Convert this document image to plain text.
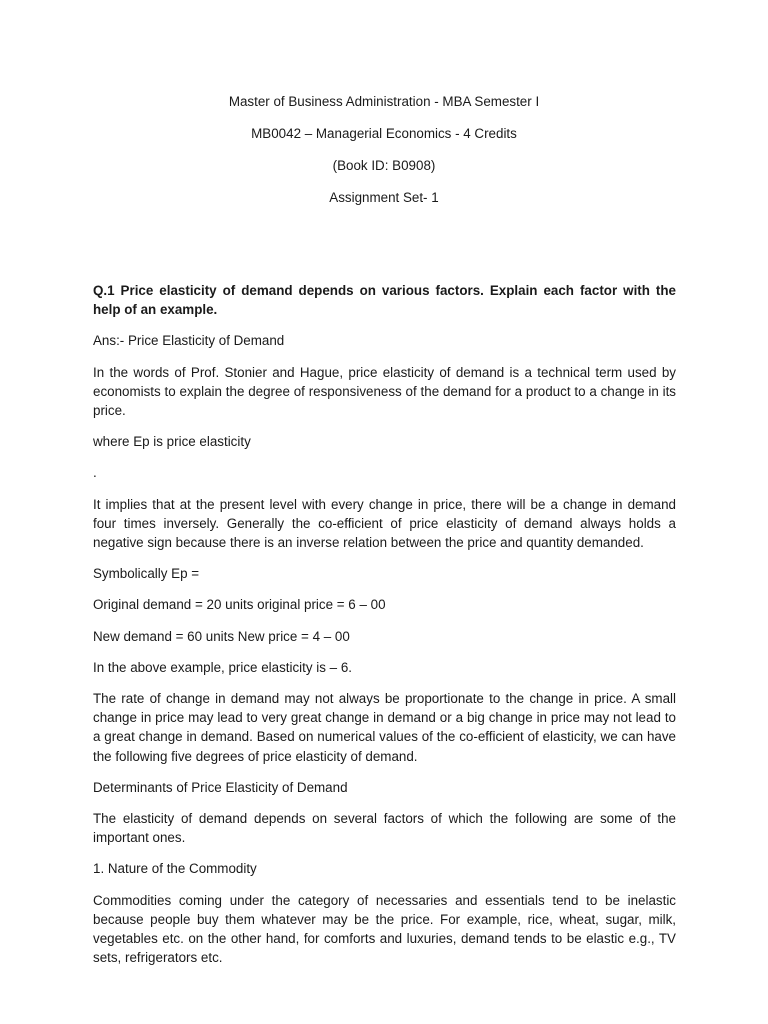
Master of Business Administration - MBA Semester I
MB0042 – Managerial Economics - 4 Credits
(Book ID: B0908)
Assignment Set- 1

Q.1 Price elasticity of demand depends on various factors. Explain each factor with the help of an example.

Ans:- Price Elasticity of Demand

In the words of Prof. Stonier and Hague, price elasticity of demand is a technical term used by economists to explain the degree of responsiveness of the demand for a product to a change in its price.

where Ep is price elasticity

.

It implies that at the present level with every change in price, there will be a change in demand four times inversely. Generally the co-efficient of price elasticity of demand always holds a negative sign because there is an inverse relation between the price and quantity demanded.

Symbolically Ep =

Original demand = 20 units original price = 6 – 00

New demand = 60 units New price = 4 – 00

In the above example, price elasticity is – 6.

The rate of change in demand may not always be proportionate to the change in price. A small change in price may lead to very great change in demand or a big change in price may not lead to a great change in demand. Based on numerical values of the co-efficient of elasticity, we can have the following five degrees of price elasticity of demand.

Determinants of Price Elasticity of Demand

The elasticity of demand depends on several factors of which the following are some of the important ones.

1. Nature of the Commodity

Commodities coming under the category of necessaries and essentials tend to be inelastic because people buy them whatever may be the price. For example, rice, wheat, sugar, milk, vegetables etc. on the other hand, for comforts and luxuries, demand tends to be elastic e.g., TV sets, refrigerators etc.
